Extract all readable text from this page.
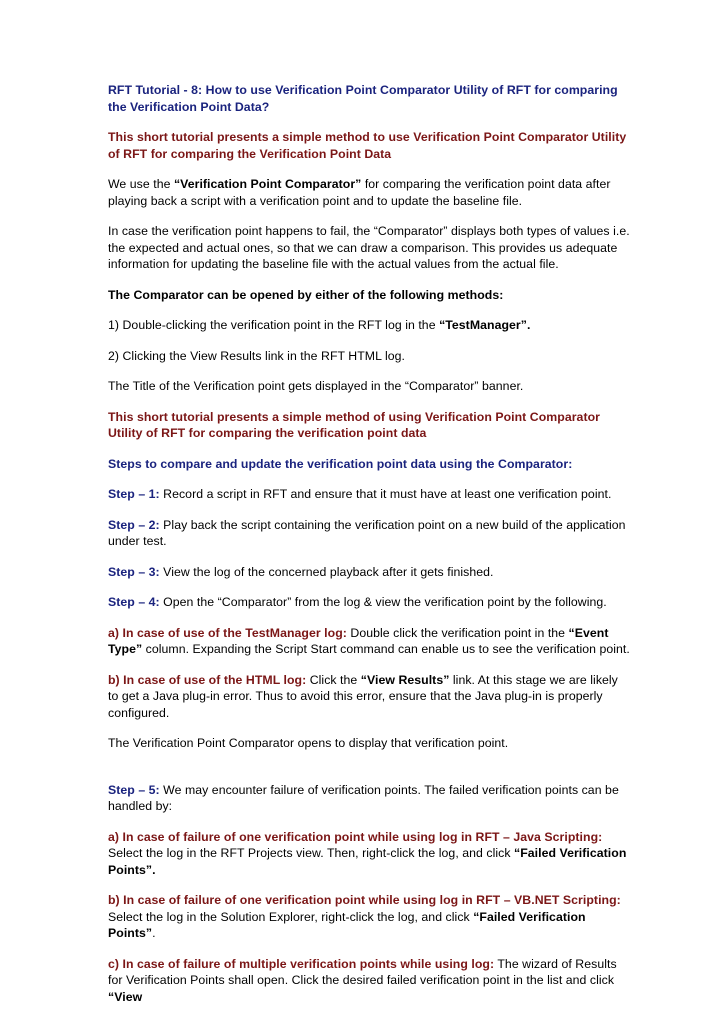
RFT Tutorial - 8: How to use Verification Point Comparator Utility of RFT for comparing the Verification Point Data?

This short tutorial presents a simple method to use Verification Point Comparator Utility of RFT for comparing the Verification Point Data

We use the “Verification Point Comparator” for comparing the verification point data after playing back a script with a verification point and to update the baseline file.

In case the verification point happens to fail, the “Comparator” displays both types of values i.e. the expected and actual ones, so that we can draw a comparison. This provides us adequate information for updating the baseline file with the actual values from the actual file.

The Comparator can be opened by either of the following methods:

1) Double-clicking the verification point in the RFT log in the “TestManager”.

2) Clicking the View Results link in the RFT HTML log.

The Title of the Verification point gets displayed in the “Comparator” banner.

This short tutorial presents a simple method of using Verification Point Comparator Utility of RFT for comparing the verification point data

Steps to compare and update the verification point data using the Comparator:

Step – 1: Record a script in RFT and ensure that it must have at least one verification point.

Step – 2: Play back the script containing the verification point on a new build of the application under test.

Step – 3: View the log of the concerned playback after it gets finished.

Step – 4: Open the “Comparator” from the log & view the verification point by the following.

a) In case of use of the TestManager log: Double click the verification point in the “Event Type” column. Expanding the Script Start command can enable us to see the verification point.

b) In case of use of the HTML log: Click the “View Results” link. At this stage we are likely to get a Java plug-in error. Thus to avoid this error, ensure that the Java plug-in is properly configured.

The Verification Point Comparator opens to display that verification point.

Step – 5: We may encounter failure of verification points. The failed verification points can be handled by:

a) In case of failure of one verification point while using log in RFT – Java Scripting: Select the log in the RFT Projects view. Then, right-click the log, and click “Failed Verification Points”.

b) In case of failure of one verification point while using log in RFT – VB.NET Scripting: Select the log in the Solution Explorer, right-click the log, and click “Failed Verification Points”.

c) In case of failure of multiple verification points while using log: The wizard of Results for Verification Points shall open. Click the desired failed verification point in the list and click “View
